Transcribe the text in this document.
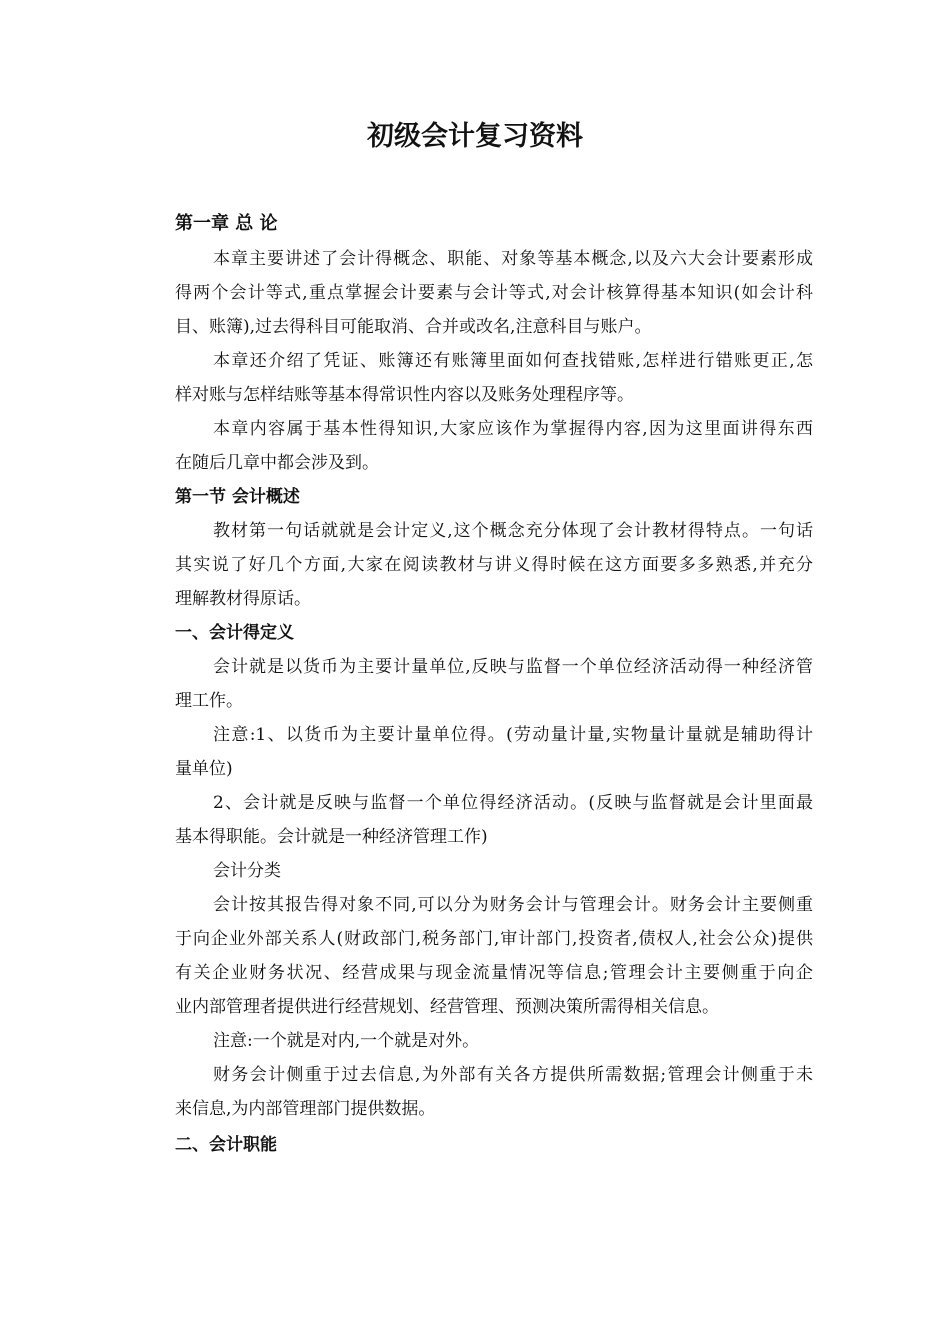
初级会计复习资料
第一章 总 论
本章主要讲述了会计得概念、职能、对象等基本概念,以及六大会计要素形成
得两个会计等式,重点掌握会计要素与会计等式,对会计核算得基本知识(如会计科
目、账簿),过去得科目可能取消、合并或改名,注意科目与账户。
本章还介绍了凭证、账簿还有账簿里面如何查找错账,怎样进行错账更正,怎
样对账与怎样结账等基本得常识性内容以及账务处理程序等。
本章内容属于基本性得知识,大家应该作为掌握得内容,因为这里面讲得东西
在随后几章中都会涉及到。
第一节 会计概述
教材第一句话就就是会计定义,这个概念充分体现了会计教材得特点。一句话
其实说了好几个方面,大家在阅读教材与讲义得时候在这方面要多多熟悉,并充分
理解教材得原话。
一、会计得定义
会计就是以货币为主要计量单位,反映与监督一个单位经济活动得一种经济管
理工作。
注意:1、以货币为主要计量单位得。(劳动量计量,实物量计量就是辅助得计
量单位)
2、会计就是反映与监督一个单位得经济活动。(反映与监督就是会计里面最
基本得职能。会计就是一种经济管理工作)
会计分类
会计按其报告得对象不同,可以分为财务会计与管理会计。财务会计主要侧重
于向企业外部关系人(财政部门,税务部门,审计部门,投资者,债权人,社会公众)提供
有关企业财务状况、经营成果与现金流量情况等信息;管理会计主要侧重于向企
业内部管理者提供进行经营规划、经营管理、预测决策所需得相关信息。
注意:一个就是对内,一个就是对外。
财务会计侧重于过去信息,为外部有关各方提供所需数据;管理会计侧重于未
来信息,为内部管理部门提供数据。
二、会计职能
